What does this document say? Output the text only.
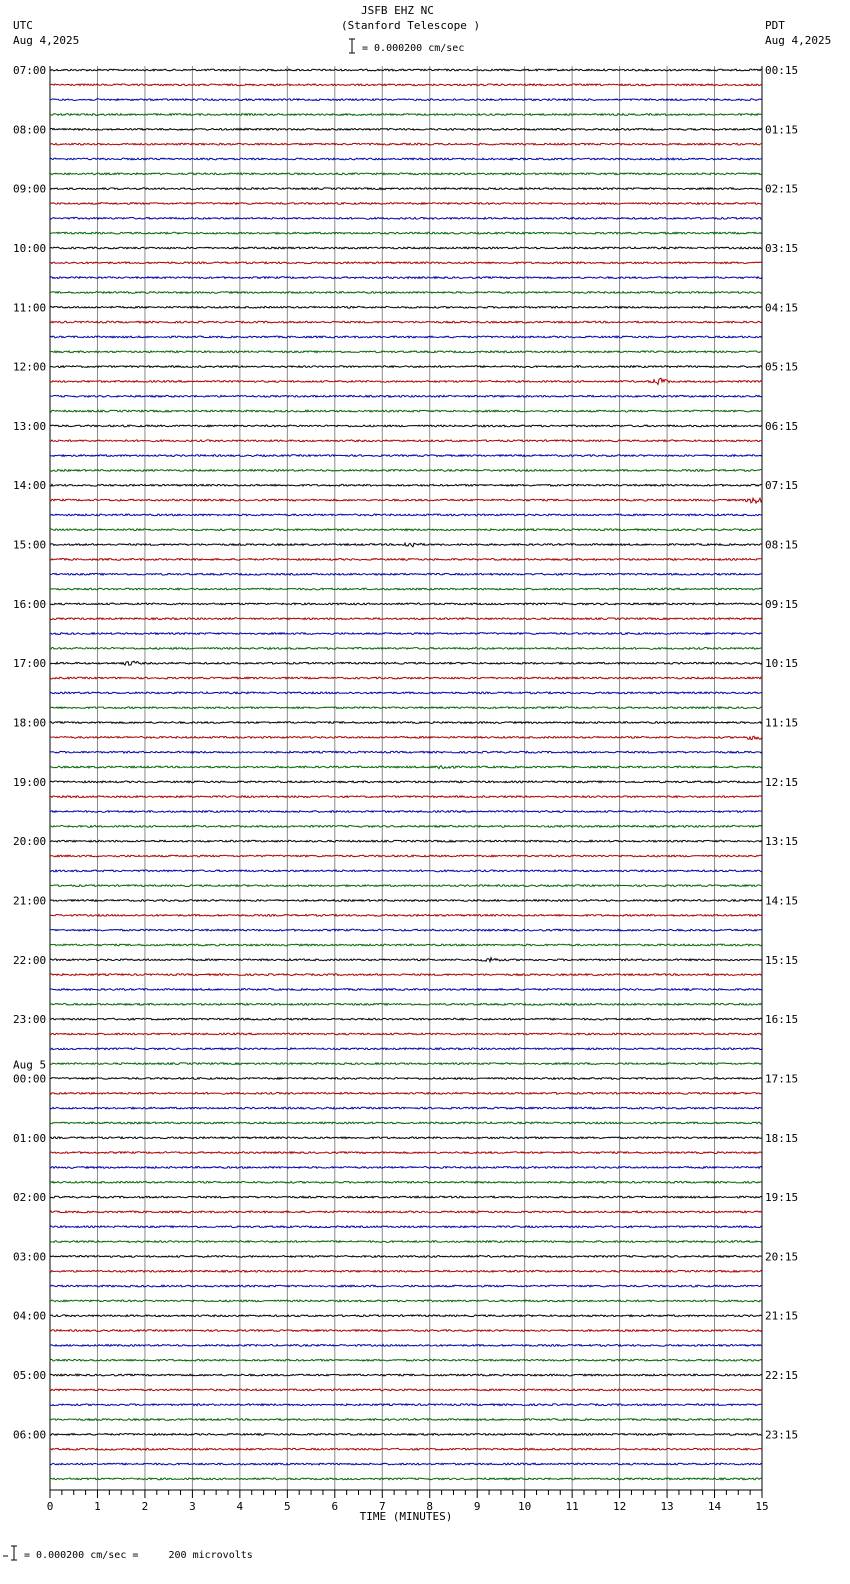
JSFB EHZ NC
(Stanford Telescope )
UTC
Aug 4,2025
PDT
Aug 4,2025
= 0.000200 cm/sec
= 0.000200 cm/sec =     200 microvolts
07:00
08:00
09:00
10:00
11:00
12:00
13:00
14:00
15:00
16:00
17:00
18:00
19:00
20:00
21:00
22:00
23:00
00:00
01:00
02:00
03:00
04:00
05:00
06:00
Aug 5
00:15
01:15
02:15
03:15
04:15
05:15
06:15
07:15
08:15
09:15
10:15
11:15
12:15
13:15
14:15
15:15
16:15
17:15
18:15
19:15
20:15
21:15
22:15
23:15
0	1	2	3	4	5	6	7	8	9	10	11	12	13	14	15
TIME (MINUTES)
